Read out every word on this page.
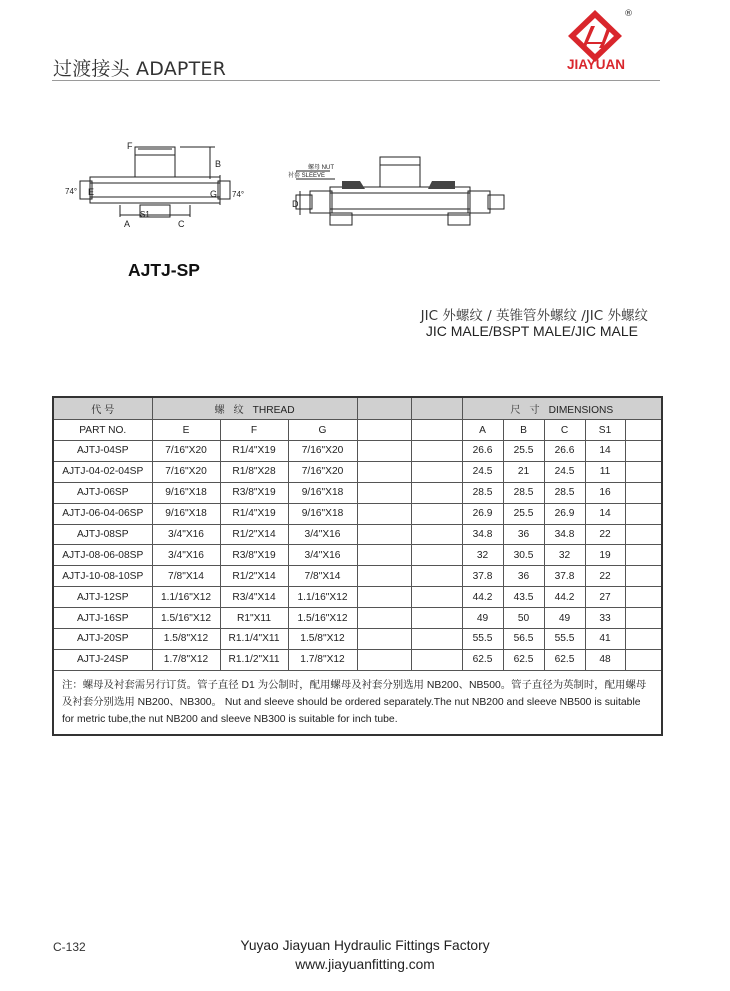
过渡接头 ADAPTER
®
JIAYUAN
F
B
E	G
74°	74°
S1
A	C
螺母 NUT
衬套 SLEEVE
D
AJTJ-SP
JIC 外螺纹 / 英锥管外螺纹 /JIC 外螺纹
JIC MALE/BSPT MALE/JIC MALE
代 号	螺 纹 THREAD					尺 寸 DIMENSIONS				
PART NO.	E	F	G			A	B	C	S1	
AJTJ-04SP	7/16"X20	R1/4"X19	7/16"X20			26.6	25.5	26.6	14	
AJTJ-04-02-04SP	7/16"X20	R1/8"X28	7/16"X20			24.5	21	24.5	11	
AJTJ-06SP	9/16"X18	R3/8"X19	9/16"X18			28.5	28.5	28.5	16	
AJTJ-06-04-06SP	9/16"X18	R1/4"X19	9/16"X18			26.9	25.5	26.9	14	
AJTJ-08SP	3/4"X16	R1/2"X14	3/4"X16			34.8	36	34.8	22	
AJTJ-08-06-08SP	3/4"X16	R3/8"X19	3/4"X16			32	30.5	32	19	
AJTJ-10-08-10SP	7/8"X14	R1/2"X14	7/8"X14			37.8	36	37.8	22	
AJTJ-12SP	1.1/16"X12	R3/4"X14	1.1/16"X12			44.2	43.5	44.2	27	
AJTJ-16SP	1.5/16"X12	R1"X11	1.5/16"X12			49	50	49	33	
AJTJ-20SP	1.5/8"X12	R1.1/4"X11	1.5/8"X12			55.5	56.5	55.5	41	
AJTJ-24SP	1.7/8"X12	R1.1/2"X11	1.7/8"X12			62.5	62.5	62.5	48	
注：螺母及衬套需另行订货。管子直径 D1 为公制时，配用螺母及衬套分别选用 NB200、NB500。管子直径为英制时，配用螺母及衬套分别选用 NB200、NB300。 Nut and sleeve should be ordered separately.The nut NB200 and sleeve NB500 is suitable for metric tube,the nut NB200 and sleeve NB300 is suitable for inch tube.										
C-132	Yuyao Jiayuan Hydraulic Fittings Factory
www.jiayuanfitting.com
